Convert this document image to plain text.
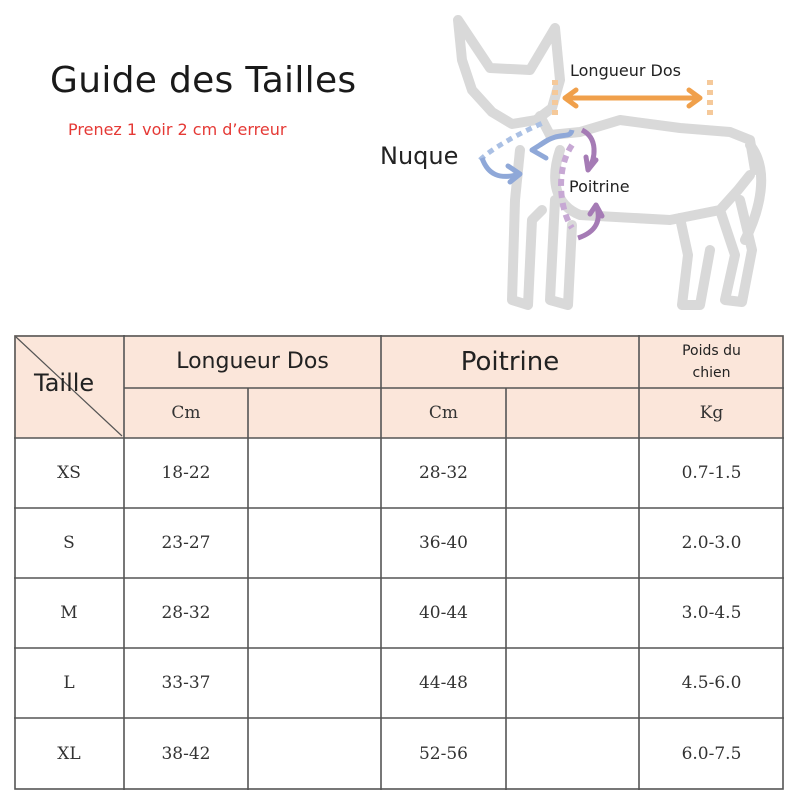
Guide des Tailles
Prenez 1 voir 2 cm d’erreur
Longueur Dos
Nuque
Poitrine
Taille
Longueur Dos	Poitrine	Poids du chien
Cm	Cm	Kg
XS	18-22	28-32	0.7-1.5
S	23-27	36-40	2.0-3.0
M	28-32	40-44	3.0-4.5
L	33-37	44-48	4.5-6.0
XL	38-42	52-56	6.0-7.5
